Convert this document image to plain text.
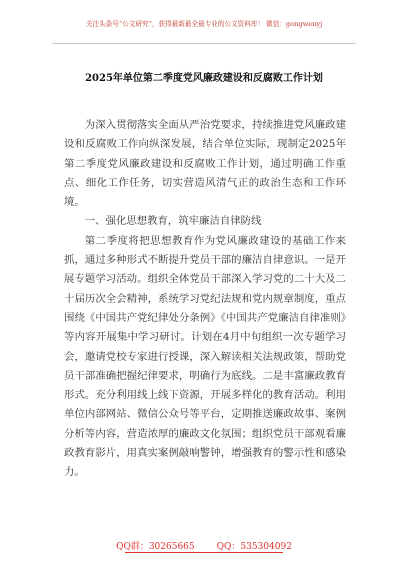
关注头条号“公文研究”，获得最新最全最专业的公文资料库！ 微信：gongwenyj
2025年单位第二季度党风廉政建设和反腐败工作计划

为深入贯彻落实全面从严治党要求，持续推进党风廉政建设和反腐败工作向纵深发展，结合单位实际，现制定2025年第二季度党风廉政建设和反腐败工作计划，通过明确工作重点、细化工作任务，切实营造风清气正的政治生态和工作环境。

一、强化思想教育，筑牢廉洁自律防线

第二季度将把思想教育作为党风廉政建设的基础工作来抓，通过多种形式不断提升党员干部的廉洁自律意识。一是开展专题学习活动。组织全体党员干部深入学习党的二十大及二十届历次全会精神，系统学习党纪法规和党内规章制度，重点围绕《中国共产党纪律处分条例》《中国共产党廉洁自律准则》等内容开展集中学习研讨。计划在4月中旬组织一次专题学习会，邀请党校专家进行授课，深入解读相关法规政策，帮助党员干部准确把握纪律要求，明确行为底线。二是丰富廉政教育形式。充分利用线上线下资源，开展多样化的教育活动。利用单位内部网站、微信公众号等平台，定期推送廉政故事、案例分析等内容，营造浓厚的廉政文化氛围；组织党员干部观看廉政教育影片，用真实案例敲响警钟，增强教育的警示性和感染力。

QQ群：30265665 QQ：535304092
